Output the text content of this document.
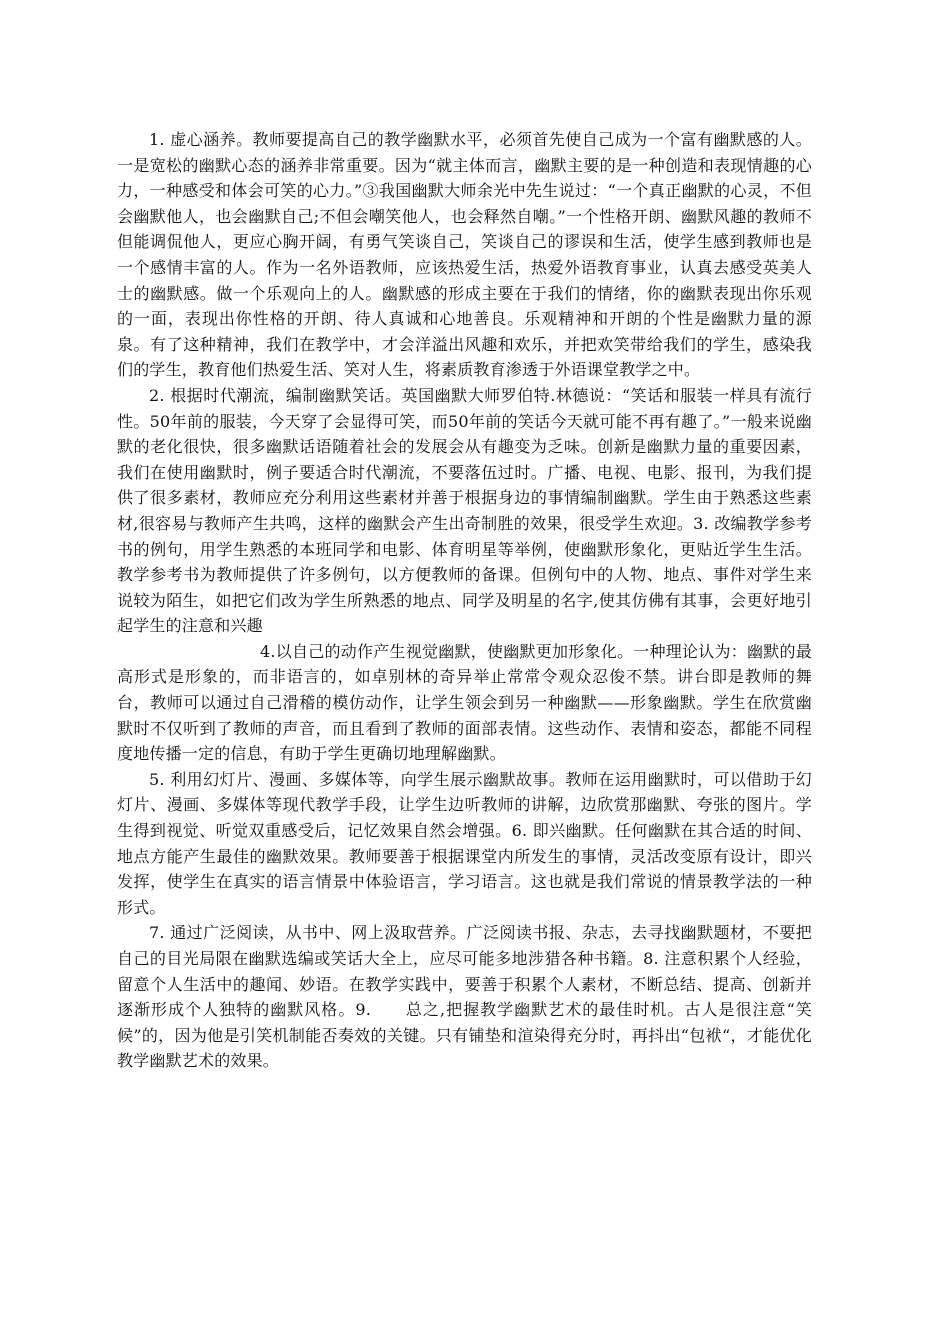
1. 虚心涵养。教师要提高自己的教学幽默水平，必须首先使自己成为一个富有幽默感的人。一是宽松的幽默心态的涵养非常重要。因为“就主体而言，幽默主要的是一种创造和表现情趣的心力，一种感受和体会可笑的心力。”③我国幽默大师余光中先生说过：“一个真正幽默的心灵，不但会幽默他人，也会幽默自己;不但会嘲笑他人，也会释然自嘲。”一个性格开朗、幽默风趣的教师不但能调侃他人，更应心胸开阔，有勇气笑谈自己，笑谈自己的谬误和生活，使学生感到教师也是一个感情丰富的人。作为一名外语教师，应该热爱生活，热爱外语教育事业，认真去感受英美人士的幽默感。做一个乐观向上的人。幽默感的形成主要在于我们的情绪，你的幽默表现出你乐观的一面，表现出你性格的开朗、待人真诚和心地善良。乐观精神和开朗的个性是幽默力量的源泉。有了这种精神，我们在教学中，才会洋溢出风趣和欢乐，并把欢笑带给我们的学生，感染我们的学生，教育他们热爱生活、笑对人生，将素质教育渗透于外语课堂教学之中。

2. 根据时代潮流，编制幽默笑话。英国幽默大师罗伯特.林德说：“笑话和服装一样具有流行性。50年前的服装，今天穿了会显得可笑，而50年前的笑话今天就可能不再有趣了。”一般来说幽默的老化很快，很多幽默话语随着社会的发展会从有趣变为乏味。创新是幽默力量的重要因素，我们在使用幽默时，例子要适合时代潮流，不要落伍过时。广播、电视、电影、报刊，为我们提供了很多素材，教师应充分利用这些素材并善于根据身边的事情编制幽默。学生由于熟悉这些素材,很容易与教师产生共鸣，这样的幽默会产生出奇制胜的效果，很受学生欢迎。3. 改编教学参考书的例句，用学生熟悉的本班同学和电影、体育明星等举例，使幽默形象化，更贴近学生生活。教学参考书为教师提供了许多例句，以方便教师的备课。但例句中的人物、地点、事件对学生来说较为陌生，如把它们改为学生所熟悉的地点、同学及明星的名字,使其仿佛有其事，会更好地引起学生的注意和兴趣

4.以自己的动作产生视觉幽默，使幽默更加形象化。一种理论认为：幽默的最高形式是形象的，而非语言的，如卓别林的奇异举止常常令观众忍俊不禁。讲台即是教师的舞台，教师可以通过自己滑稽的模仿动作，让学生领会到另一种幽默——形象幽默。学生在欣赏幽默时不仅听到了教师的声音，而且看到了教师的面部表情。这些动作、表情和姿态，都能不同程度地传播一定的信息，有助于学生更确切地理解幽默。

5. 利用幻灯片、漫画、多媒体等，向学生展示幽默故事。教师在运用幽默时，可以借助于幻灯片、漫画、多媒体等现代教学手段，让学生边听教师的讲解，边欣赏那幽默、夸张的图片。学生得到视觉、听觉双重感受后，记忆效果自然会增强。6. 即兴幽默。任何幽默在其合适的时间、地点方能产生最佳的幽默效果。教师要善于根据课堂内所发生的事情，灵活改变原有设计，即兴发挥，使学生在真实的语言情景中体验语言，学习语言。这也就是我们常说的情景教学法的一种形式。

7. 通过广泛阅读，从书中、网上汲取营养。广泛阅读书报、杂志，去寻找幽默题材，不要把自己的目光局限在幽默选编或笑话大全上，应尽可能多地涉猎各种书籍。8. 注意积累个人经验，留意个人生活中的趣闻、妙语。在教学实践中，要善于积累个人素材，不断总结、提高、创新并逐渐形成个人独特的幽默风格。9.　　总之,把握教学幽默艺术的最佳时机。古人是很注意“笑候”的，因为他是引笑机制能否奏效的关键。只有铺垫和渲染得充分时，再抖出“包袱“，才能优化教学幽默艺术的效果。
